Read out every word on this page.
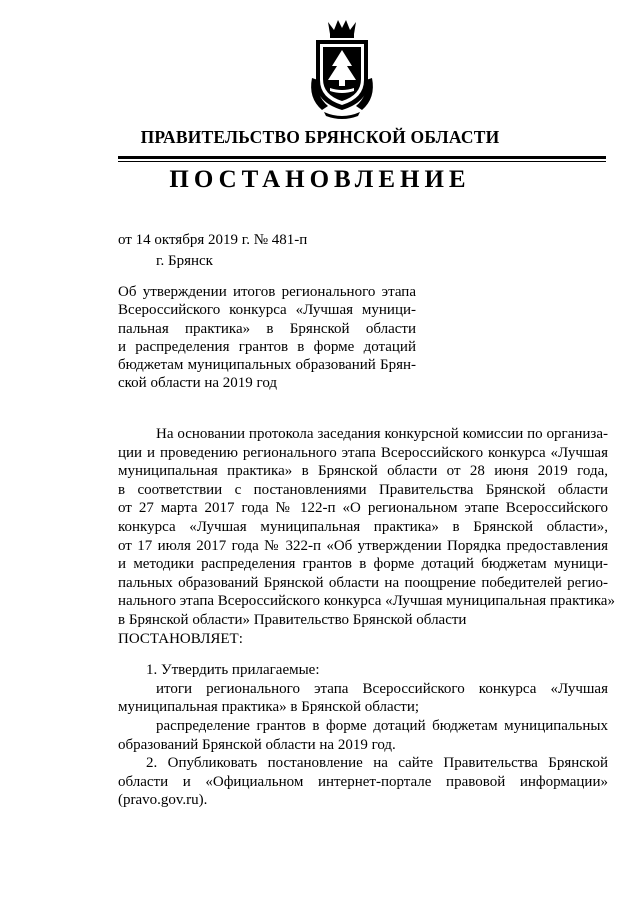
ПРАВИТЕЛЬСТВО БРЯНСКОЙ ОБЛАСТИ
ПОСТАНОВЛЕНИЕ
от 14 октября 2019 г. № 481-п
г. Брянск
Об утверждении итогов регионального этапа
Всероссийского конкурса «Лучшая муници-
пальная практика» в Брянской области
и распределения грантов в форме дотаций
бюджетам муниципальных образований Брян-
ской области на 2019 год
На основании протокола заседания конкурсной комиссии по организа-
ции и проведению регионального этапа Всероссийского конкурса «Лучшая
муниципальная практика» в Брянской области от 28 июня 2019 года,
в соответствии с постановлениями Правительства Брянской области
от 27 марта 2017 года № 122-п «О региональном этапе Всероссийского
конкурса «Лучшая муниципальная практика» в Брянской области»,
от 17 июля 2017 года № 322-п «Об утверждении Порядка предоставления
и методики распределения грантов в форме дотаций бюджетам муници-
пальных образований Брянской области на поощрение победителей регио-
нального этапа Всероссийского конкурса «Лучшая муниципальная практика»
в Брянской области» Правительство Брянской области
ПОСТАНОВЛЯЕТ:
1. Утвердить прилагаемые:
итоги регионального этапа Всероссийского конкурса «Лучшая
муниципальная практика» в Брянской области;
распределение грантов в форме дотаций бюджетам муниципальных
образований Брянской области на 2019 год.
2. Опубликовать постановление на сайте Правительства Брянской
области и «Официальном интернет-портале правовой информации»
(pravo.gov.ru).
